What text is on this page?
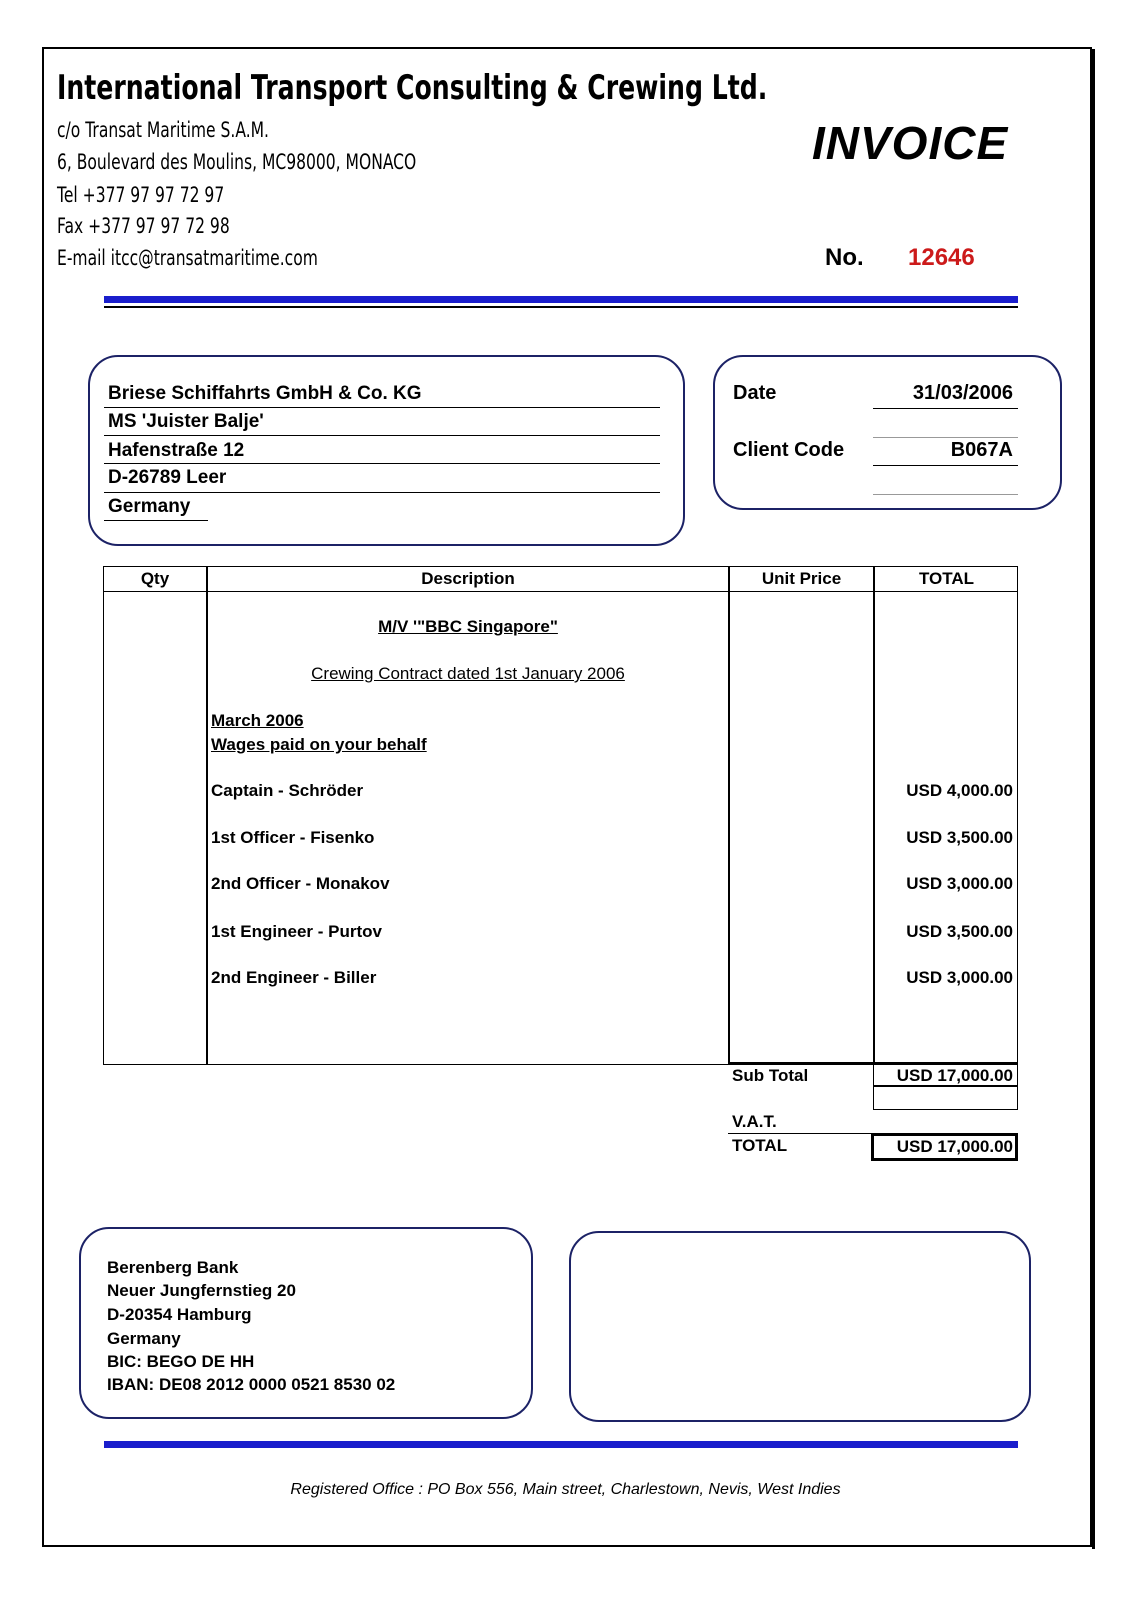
International Transport Consulting & Crewing Ltd.
c/o Transat Maritime S.A.M.
6, Boulevard des Moulins, MC98000, MONACO
Tel +377 97 97 72 97
Fax +377 97 97 72 98
E-mail itcc@transatmaritime.com
INVOICE
No. 12646
Briese Schiffahrts GmbH & Co. KG
MS 'Juister Balje'
Hafenstraße 12
D-26789 Leer
Germany
Date	31/03/2006
Client Code	B067A
Qty	Description	Unit Price	TOTAL
M/V '"BBC Singapore"
Crewing Contract dated 1st January 2006
March 2006
Wages paid on your behalf
Captain - Schröder	USD 4,000.00
1st Officer - Fisenko	USD 3,500.00
2nd Officer - Monakov	USD 3,000.00
1st Engineer - Purtov	USD 3,500.00
2nd Engineer - Biller	USD 3,000.00
Sub Total	USD 17,000.00
V.A.T.
TOTAL	USD 17,000.00
Berenberg Bank
Neuer Jungfernstieg 20
D-20354 Hamburg
Germany
BIC: BEGO DE HH
IBAN: DE08 2012 0000 0521 8530 02
Registered Office : PO Box 556, Main street, Charlestown, Nevis, West Indies
